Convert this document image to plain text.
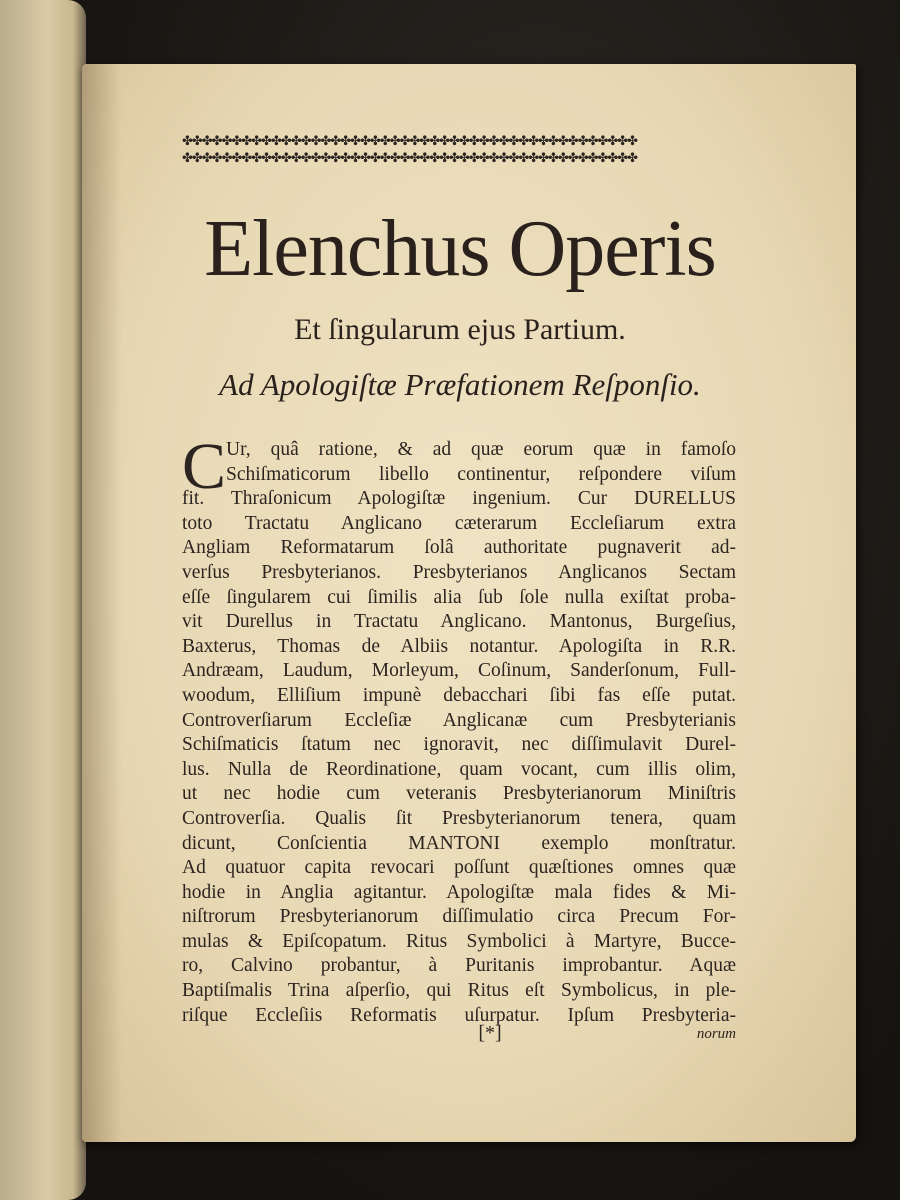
✤✤✤✤✤✤✤✤✤✤✤✤✤✤✤✤✤✤✤✤✤✤✤✤✤✤✤✤✤✤✤✤✤✤✤✤✤✤✤✤✤✤✤✤✤✤
✤✤✤✤✤✤✤✤✤✤✤✤✤✤✤✤✤✤✤✤✤✤✤✤✤✤✤✤✤✤✤✤✤✤✤✤✤✤✤✤✤✤✤✤✤✤
Elenchus Operis
Et ſingularum ejus Partium.
Ad Apologiſtæ Præfationem Reſponſio.
C Ur, quâ ratione, & ad quæ eorum quæ in famoſo
Schiſmaticorum libello continentur, reſpondere viſum
fit. Thraſonicum Apologiſtæ ingenium. Cur DURELLUS
toto Tractatu Anglicano cæterarum Eccleſiarum extra
Angliam Reformatarum ſolâ authoritate pugnaverit ad-
verſus Presbyterianos. Presbyterianos Anglicanos Sectam
eſſe ſingularem cui ſimilis alia ſub ſole nulla exiſtat proba-
vit Durellus in Tractatu Anglicano. Mantonus, Burgeſius,
Baxterus, Thomas de Albiis notantur. Apologiſta in R.R.
Andræam, Laudum, Morleyum, Coſinum, Sanderſonum, Full-
woodum, Elliſium impunè debacchari ſibi fas eſſe putat.
Controverſiarum Eccleſiæ Anglicanæ cum Presbyterianis
Schiſmaticis ſtatum nec ignoravit, nec diſſimulavit Durel-
lus. Nulla de Reordinatione, quam vocant, cum illis olim,
ut nec hodie cum veteranis Presbyterianorum Miniſtris
Controverſia. Qualis ſit Presbyterianorum tenera, quam
dicunt, Conſcientia MANTONI exemplo monſtratur.
Ad quatuor capita revocari poſſunt quæſtiones omnes quæ
hodie in Anglia agitantur. Apologiſtæ mala fides & Mi-
niſtrorum Presbyterianorum diſſimulatio circa Precum For-
mulas & Epiſcopatum. Ritus Symbolici à Martyre, Bucce-
ro, Calvino probantur, à Puritanis improbantur. Aquæ
Baptiſmalis Trina aſperſio, qui Ritus eſt Symbolicus, in ple-
riſque Eccleſiis Reformatis uſurpatur. Ipſum Presbyteria-
[*]	norum
